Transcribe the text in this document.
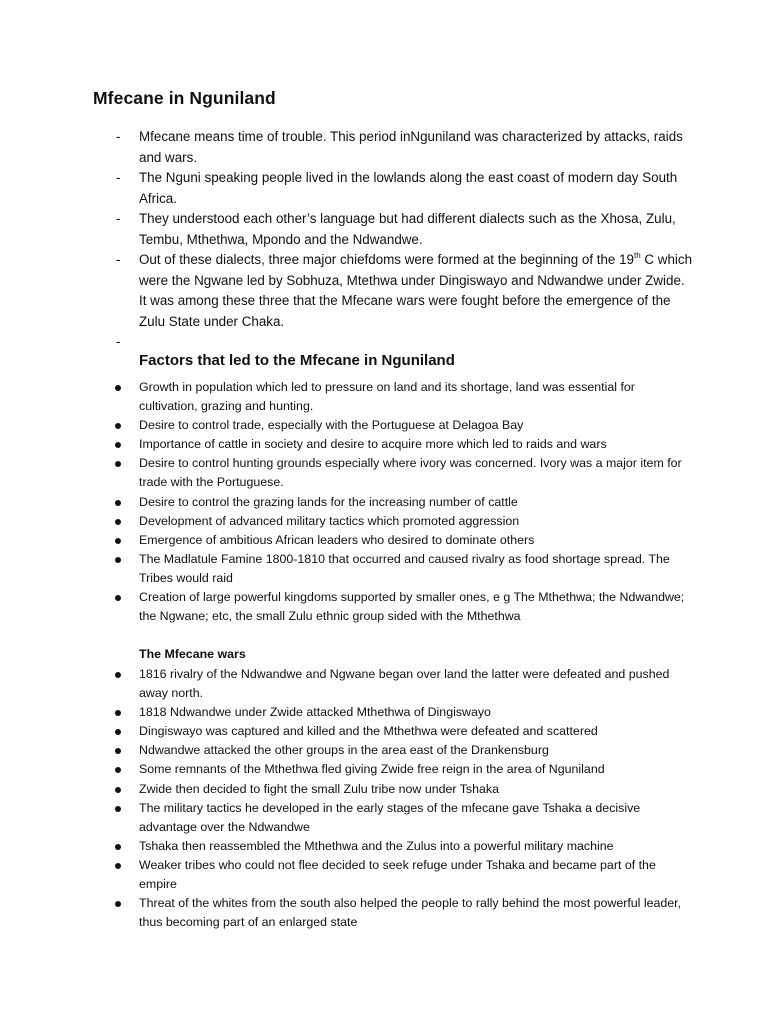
Mfecane in Nguniland
- Mfecane means time of trouble. This period inNguniland was characterized by attacks, raids and wars.
- The Nguni speaking people lived in the lowlands along the east coast of modern day South Africa.
- They understood each other’s language but had different dialects such as the Xhosa, Zulu, Tembu, Mthethwa, Mpondo and the Ndwandwe.
- Out of these dialects, three major chiefdoms were formed at the beginning of the 19th C which were the Ngwane led by Sobhuza, Mtethwa under Dingiswayo and Ndwandwe under Zwide. It was among these three that the Mfecane wars were fought before the emergence of the Zulu State under Chaka.
-
Factors that led to the Mfecane in Nguniland
Growth in population which led to pressure on land and its shortage, land was essential for cultivation, grazing and hunting.
Desire to control trade, especially with the Portuguese at Delagoa Bay
Importance of cattle in society and desire to acquire more which led to raids and wars
Desire to control hunting grounds especially where ivory was concerned. Ivory was a major item for trade with the Portuguese.
Desire to control the grazing lands for the increasing number of cattle
Development of advanced military tactics which promoted aggression
Emergence of ambitious African leaders who desired to dominate others
The Madlatule Famine 1800-1810 that occurred and caused rivalry as food shortage spread. The Tribes would raid
Creation of large powerful kingdoms supported by smaller ones, e g The Mthethwa; the Ndwandwe; the Ngwane; etc, the small Zulu ethnic group sided with the Mthethwa
The Mfecane wars
1816 rivalry of the Ndwandwe and Ngwane began over land the latter were defeated and pushed away north.
1818 Ndwandwe under Zwide attacked Mthethwa of Dingiswayo
Dingiswayo was captured and killed and the Mthethwa were defeated and scattered
Ndwandwe attacked the other groups in the area east of the Drankensburg
Some remnants of the Mthethwa fled giving Zwide free reign in the area of Nguniland
Zwide then decided to fight the small Zulu tribe now under Tshaka
The military tactics he developed in the early stages of the mfecane gave Tshaka a decisive advantage over the Ndwandwe
Tshaka then reassembled the Mthethwa and the Zulus into a powerful military machine
Weaker tribes who could not flee decided to seek refuge under Tshaka and became part of the empire
Threat of the whites from the south also helped the people to rally behind the most powerful leader, thus becoming part of an enlarged state
